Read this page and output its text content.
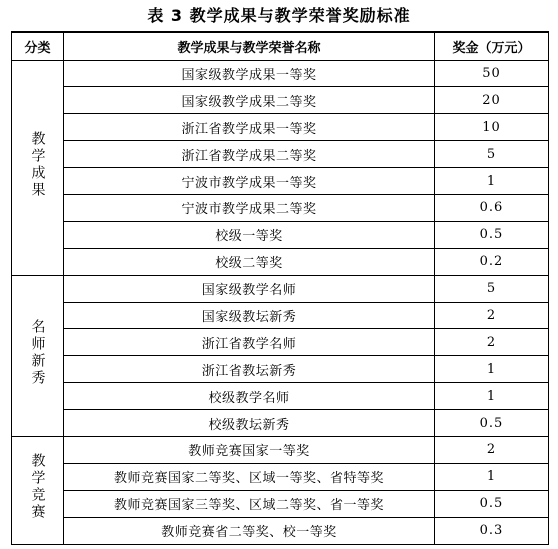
表 3 教学成果与教学荣誉奖励标准
分类	教学成果与教学荣誉名称	奖金（万元）
教学成果	国家级教学成果一等奖	50
	国家级教学成果二等奖	20
	浙江省教学成果一等奖	10
	浙江省教学成果二等奖	5
	宁波市教学成果一等奖	1
	宁波市教学成果二等奖	0.6
	校级一等奖	0.5
	校级二等奖	0.2
名师新秀	国家级教学名师	5
	国家级教坛新秀	2
	浙江省教学名师	2
	浙江省教坛新秀	1
	校级教学名师	1
	校级教坛新秀	0.5
教学竞赛	教师竞赛国家一等奖	2
	教师竞赛国家二等奖、区域一等奖、省特等奖	1
	教师竞赛国家三等奖、区域二等奖、省一等奖	0.5
	教师竞赛省二等奖、校一等奖	0.3
